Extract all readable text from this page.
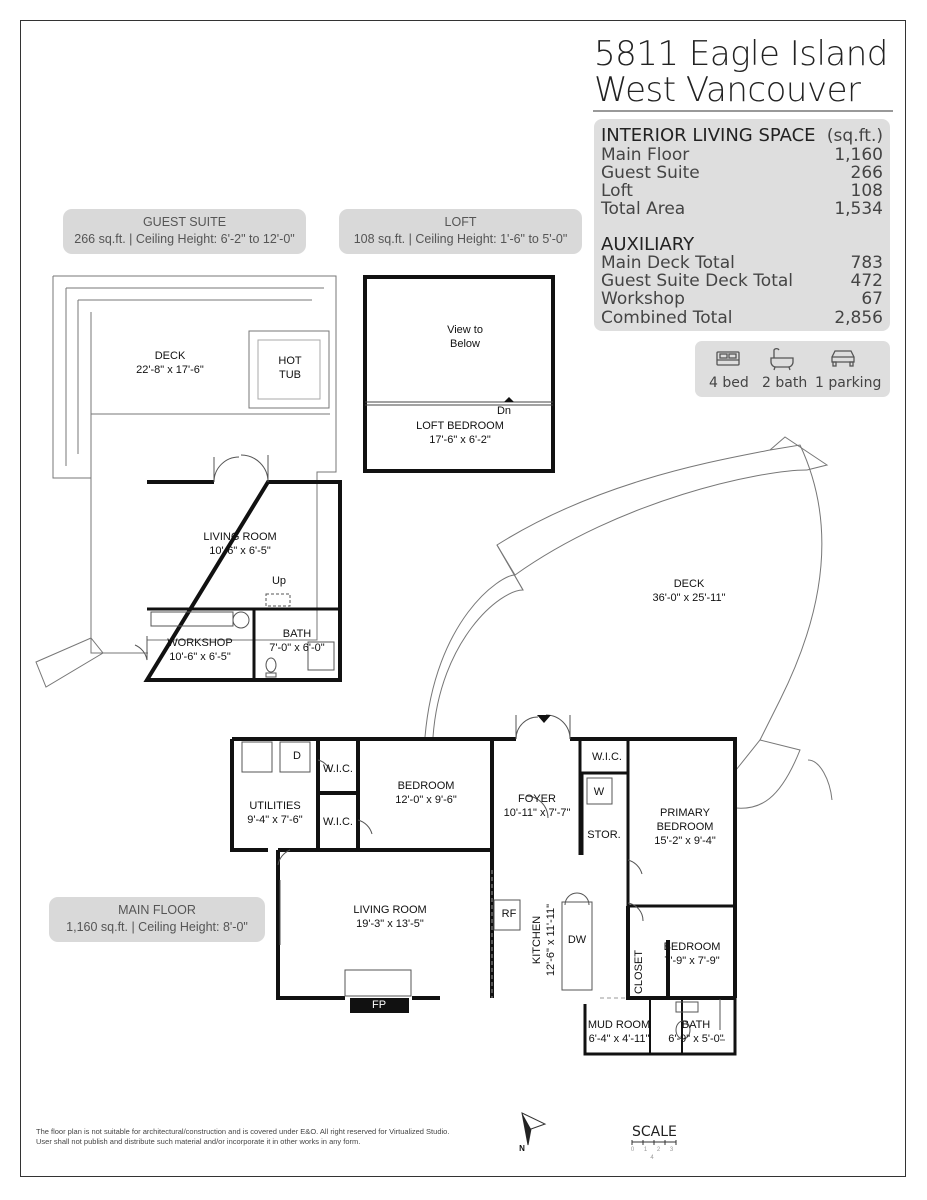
5811 Eagle Island
West Vancouver
INTERIOR LIVING SPACE (sq.ft.)
Main Floor	1,160
Guest Suite	266
Loft	108
Total Area	1,534
AUXILIARY
Main Deck Total	783
Guest Suite Deck Total	472
Workshop	67
Combined Total	2,856
4 bed 2 bath 1 parking
GUEST SUITE
266 sq.ft. | Ceiling Height: 6'-2" to 12'-0"
LOFT
108 sq.ft. | Ceiling Height: 1'-6" to 5'-0"
MAIN FLOOR
1,160 sq.ft. | Ceiling Height: 8'-0"
DECK
22'-8" x 17'-6"
HOT
TUB
View to
Below
Dn
LOFT BEDROOM
17'-6" x 6'-2"
LIVING ROOM
10'-6" x 6'-5"
Up
WORKSHOP
10'-6" x 6'-5"
BATH
7'-0" x 6'-0"
DECK
36'-0" x 25'-11"
W.I.C.
W.I.C.
W.I.C.
D
W
UTILITIES
9'-4" x 7'-6"
BEDROOM
12'-0" x 9'-6"	FOYER
10'-11" x 7'-7"
STOR.
PRIMARY
BEDROOM
15'-2" x 9'-4"
LIVING ROOM
19'-3" x 13'-5"
RF
KITCHEN 12'-6" x 11'-11" DW
BEDROOM
7'-9" x 7'-9"
CLOSET
FP
MUD ROOM
6'-4" x 4'-11"
BATH
6'-9" x 5'-0"
N
SCALE
0 1 2 3 4
The floor plan is not suitable for architectural/construction and is covered under E&O. All right reserved for Virtualized Studio. User shall not publish and distribute such material and/or incorporate it in other works in any form.
